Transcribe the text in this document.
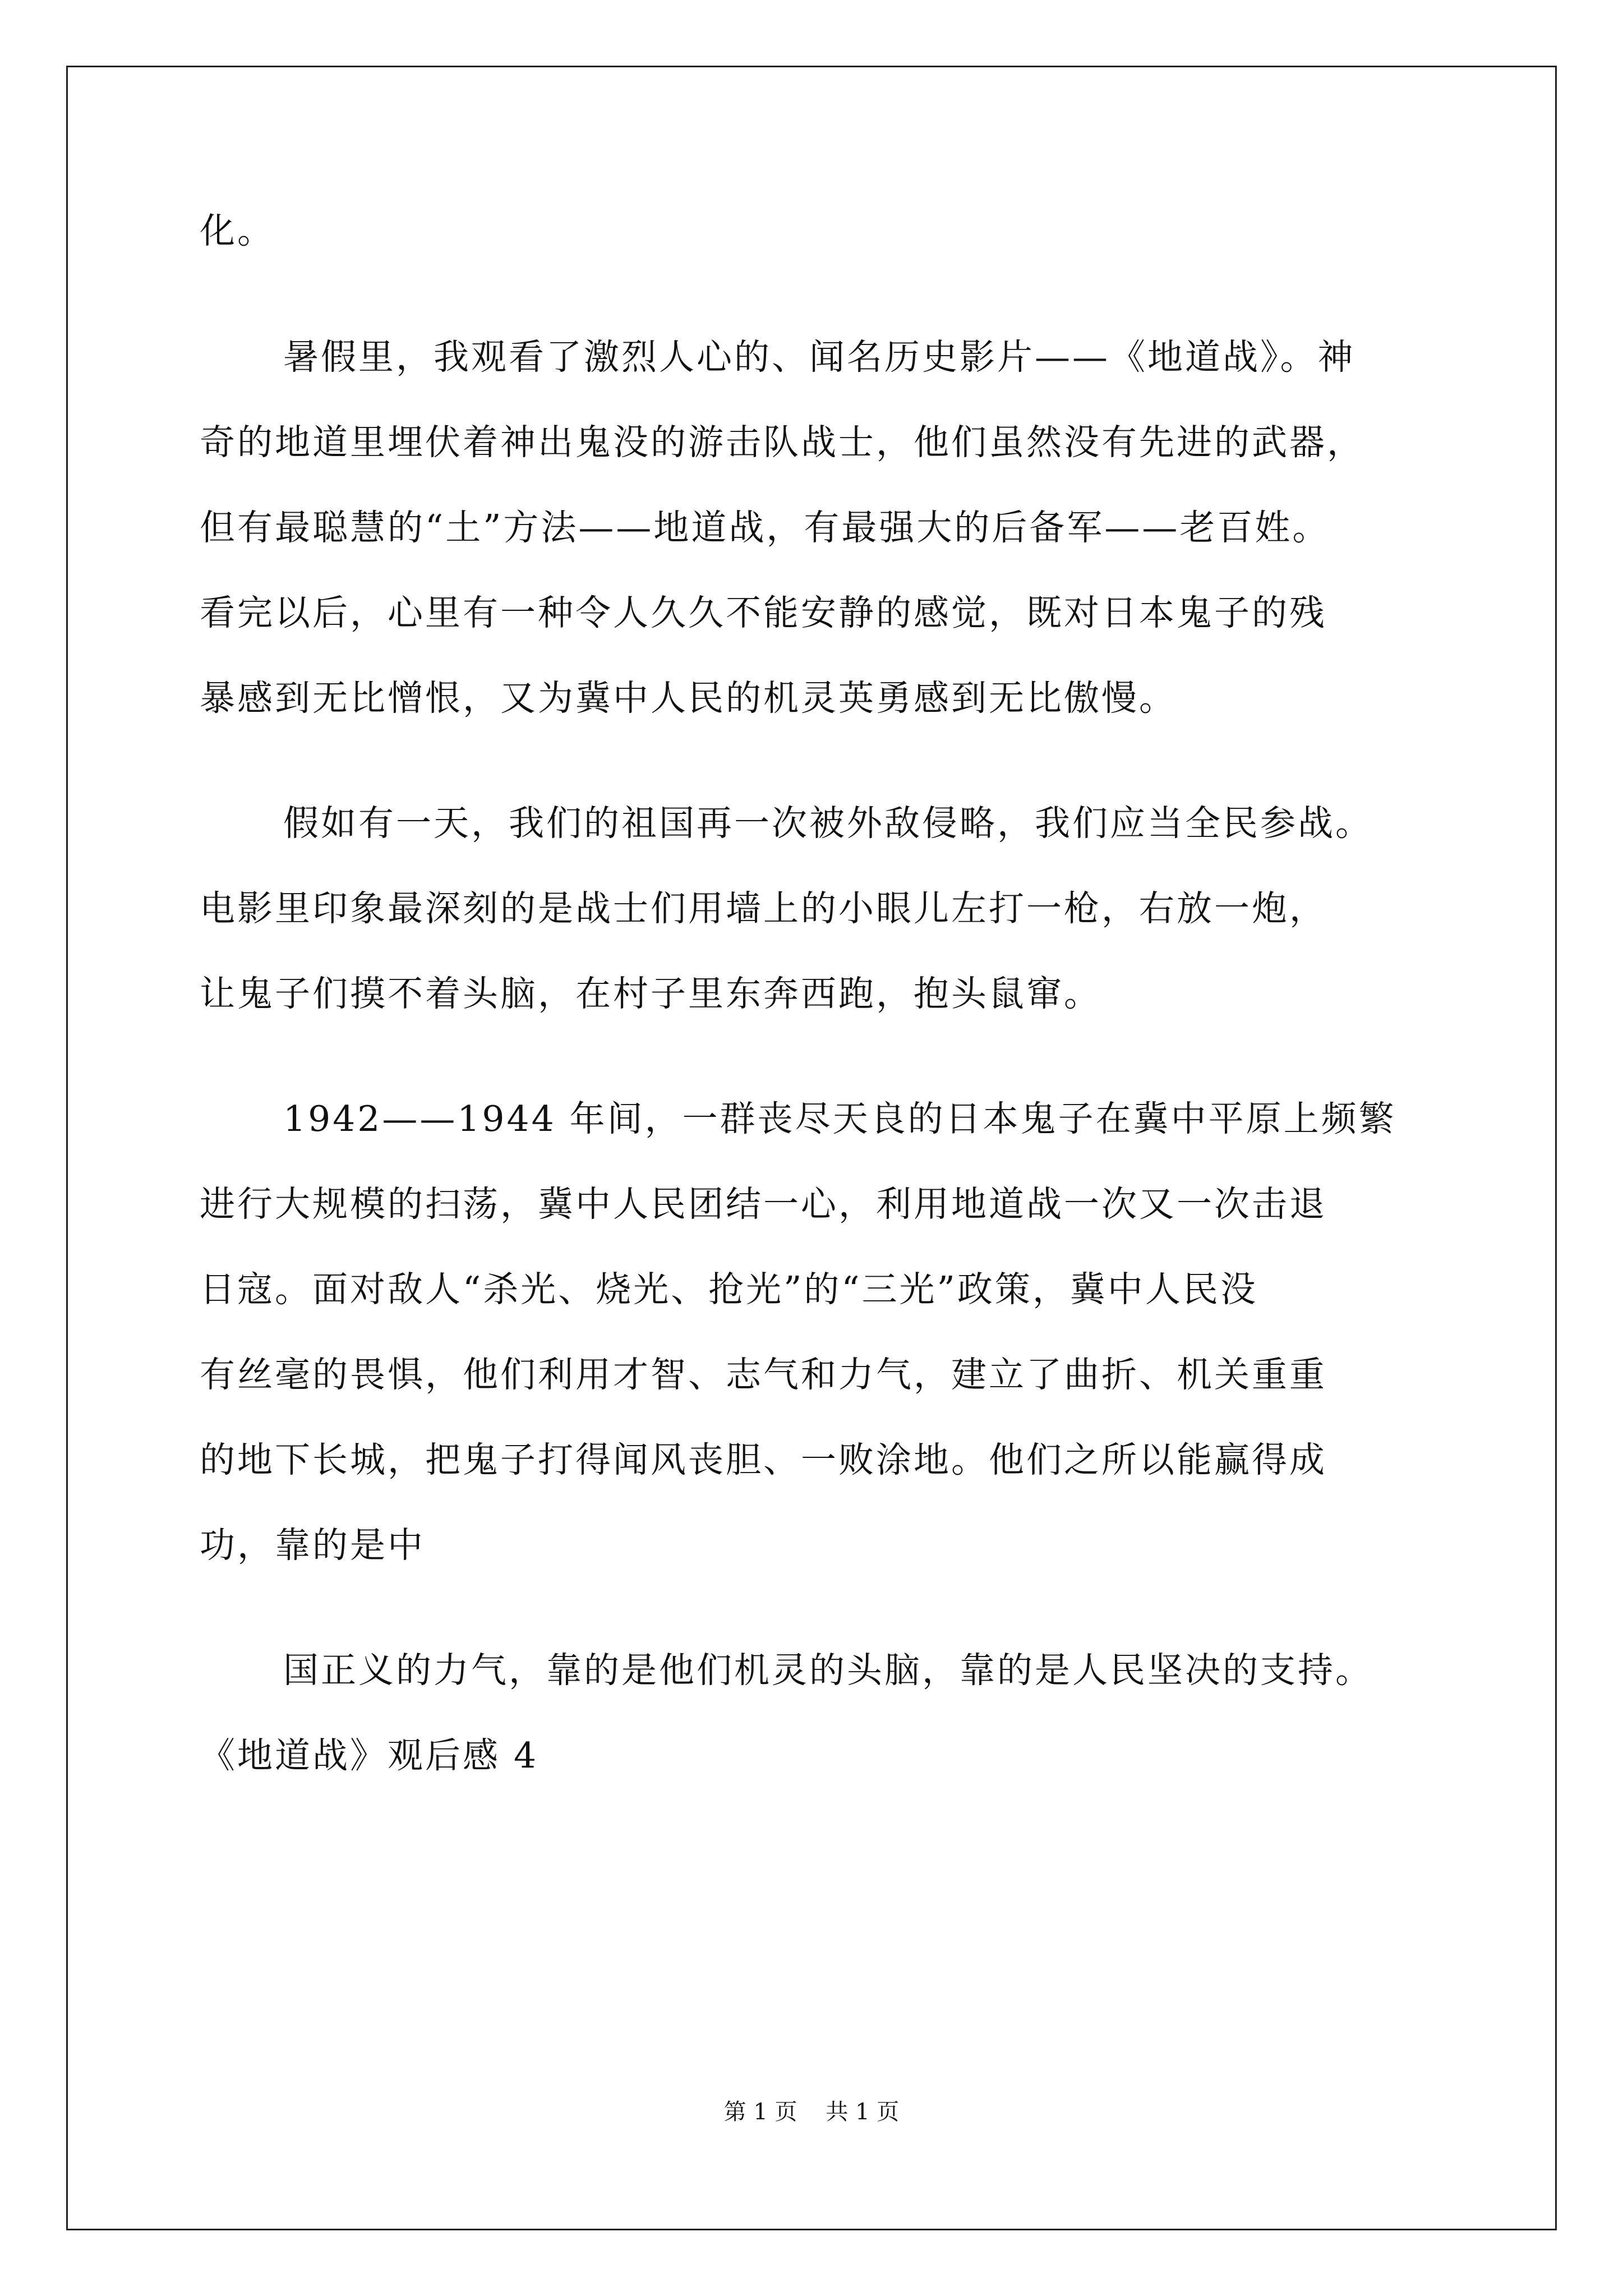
化。
暑假里，我观看了激烈人心的、闻名历史影片——《地道战》。神
奇的地道里埋伏着神出鬼没的游击队战士，他们虽然没有先进的武器，
但有最聪慧的“土”方法——地道战，有最强大的后备军——老百姓。
看完以后，心里有一种令人久久不能安静的感觉，既对日本鬼子的残
暴感到无比憎恨，又为冀中人民的机灵英勇感到无比傲慢。
假如有一天，我们的祖国再一次被外敌侵略，我们应当全民参战。
电影里印象最深刻的是战士们用墙上的小眼儿左打一枪，右放一炮，
让鬼子们摸不着头脑，在村子里东奔西跑，抱头鼠窜。
1942——1944 年间，一群丧尽天良的日本鬼子在冀中平原上频繁
进行大规模的扫荡，冀中人民团结一心，利用地道战一次又一次击退
日寇。面对敌人“杀光、烧光、抢光”的“三光”政策，冀中人民没
有丝毫的畏惧，他们利用才智、志气和力气，建立了曲折、机关重重
的地下长城，把鬼子打得闻风丧胆、一败涂地。他们之所以能赢得成
功，靠的是中
国正义的力气，靠的是他们机灵的头脑，靠的是人民坚决的支持。
《地道战》观后感 4
第 1 页 共 1 页
